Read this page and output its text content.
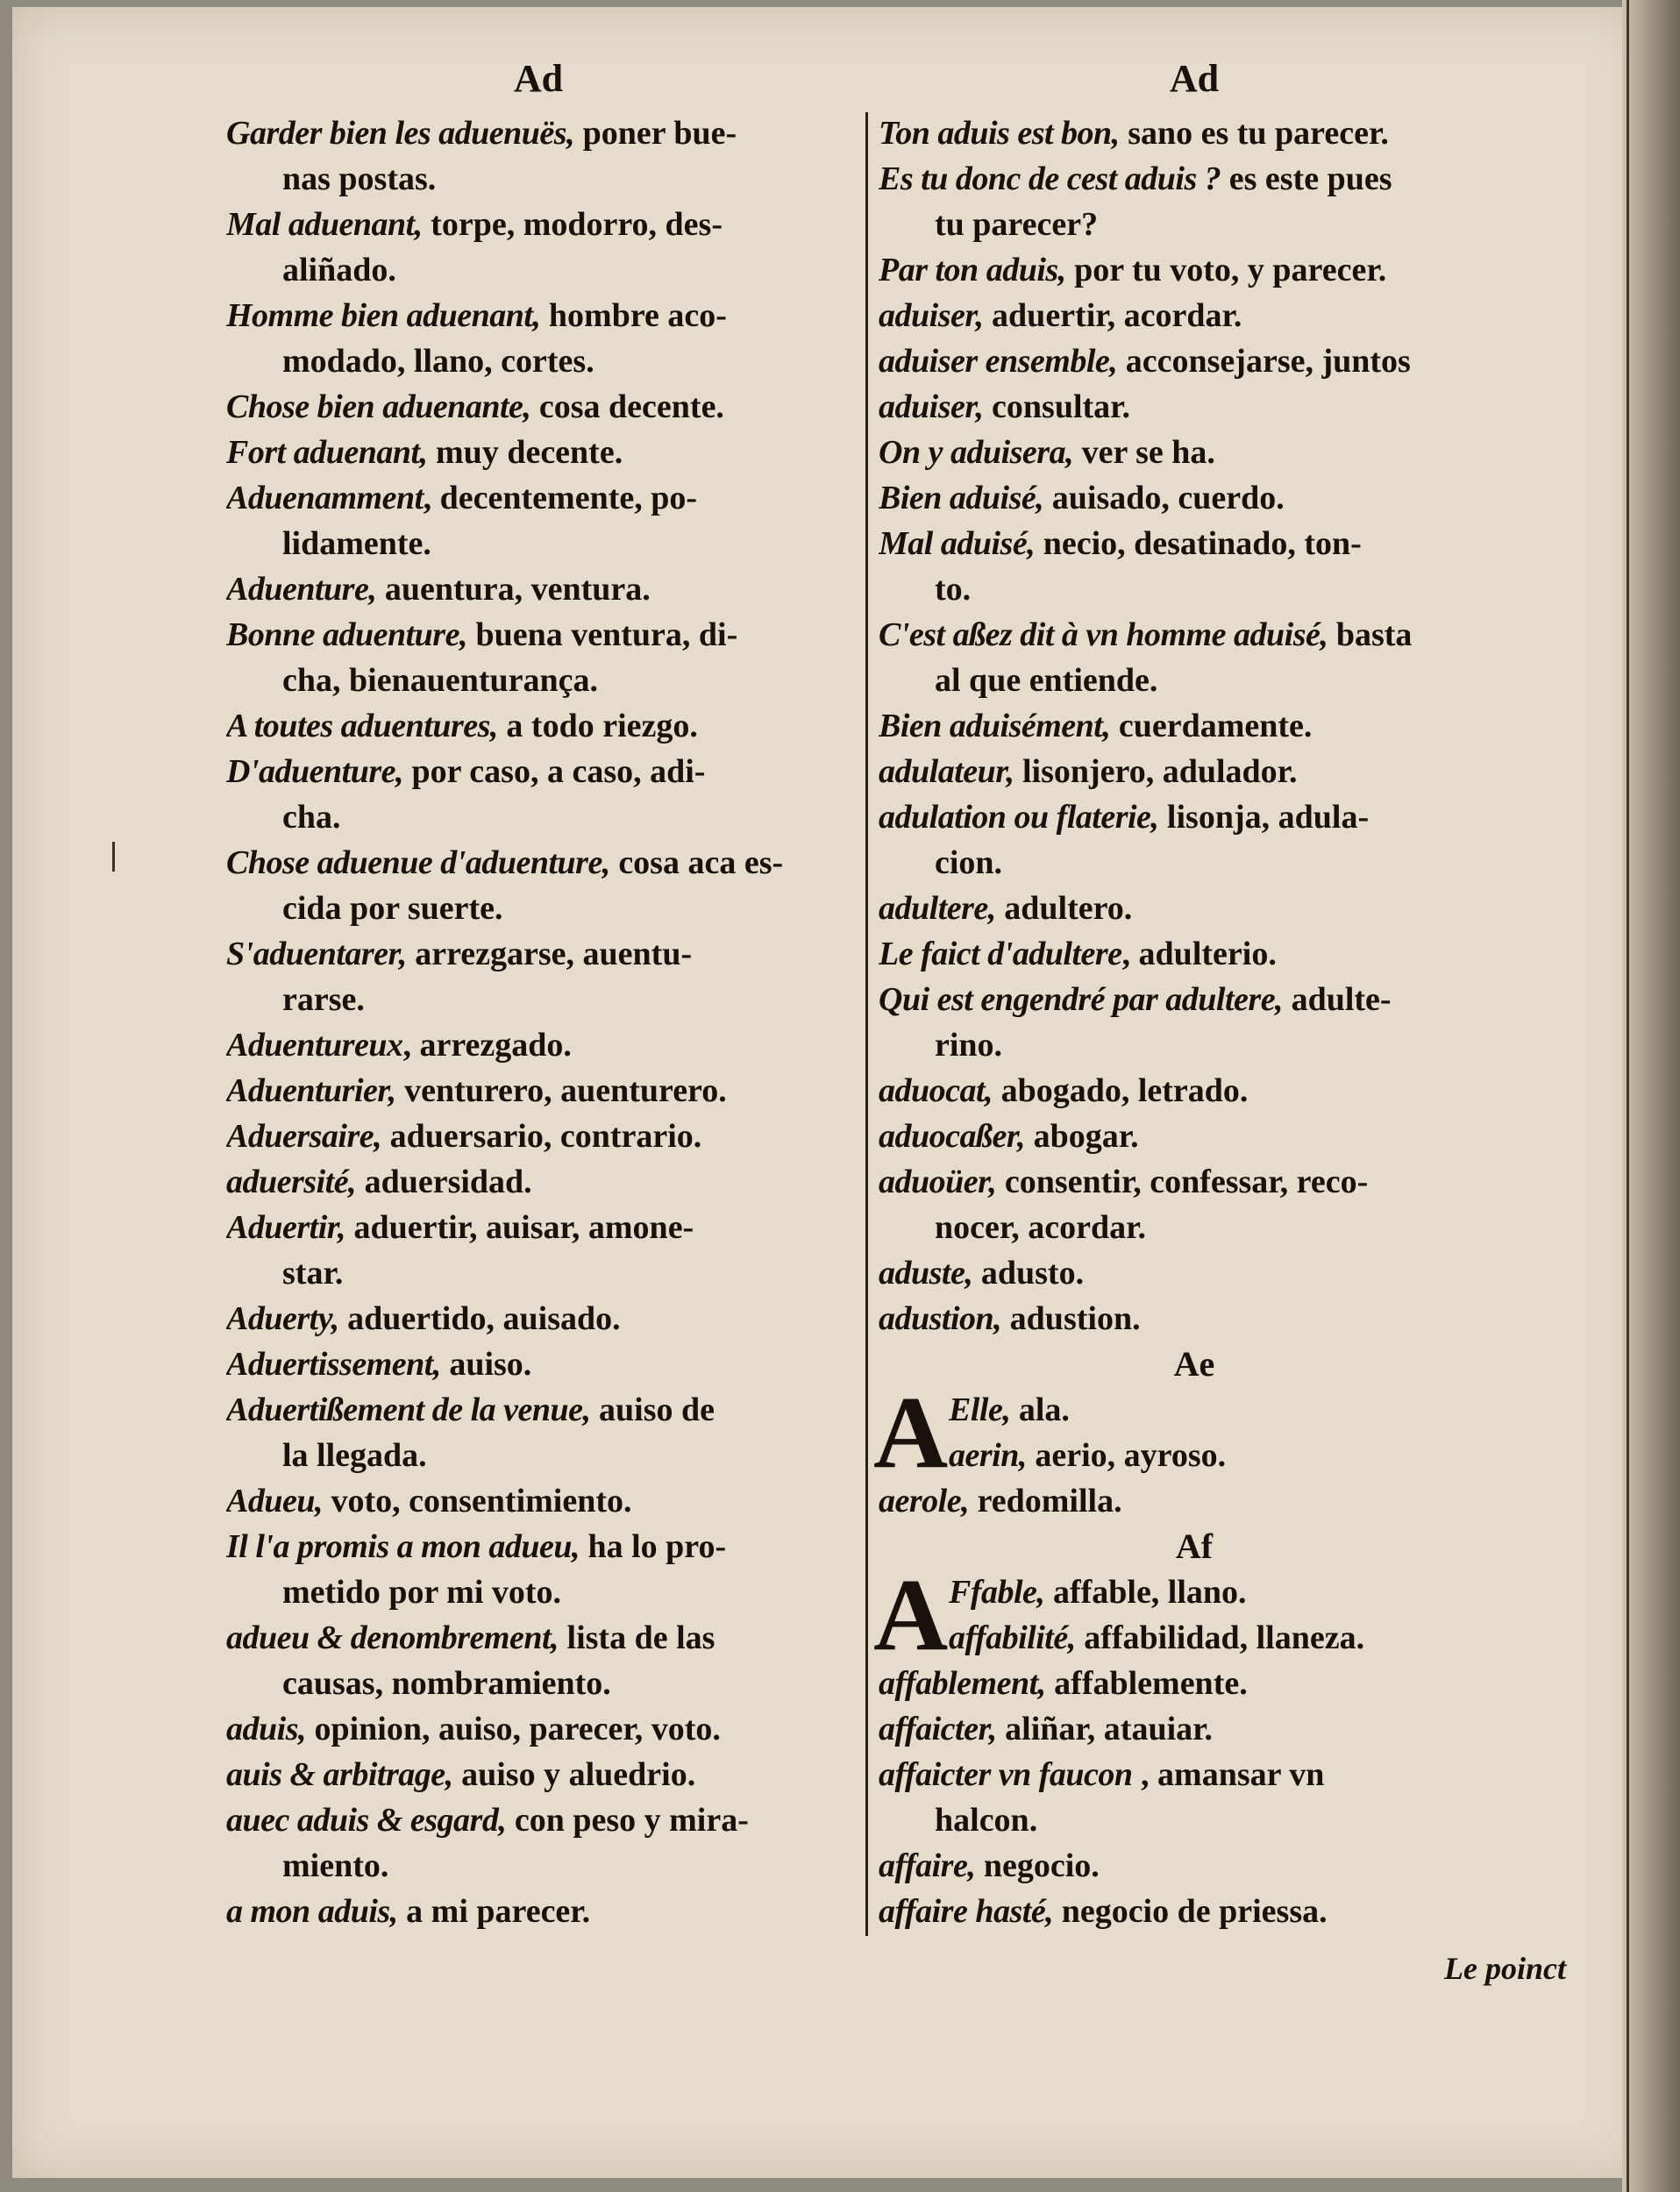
Ad
Garder bien les aduenuës, poner bue-
nas postas.
Mal aduenant, torpe, modorro, des-
aliñado.
Homme bien aduenant, hombre aco-
modado, llano, cortes.
Chose bien aduenante, cosa decente.
Fort aduenant, muy decente.
Aduenamment, decentemente, po-
lidamente.
Aduenture, auentura, ventura.
Bonne aduenture, buena ventura, di-
cha, bienauenturança.
A toutes aduentures, a todo riezgo.
D'aduenture, por caso, a caso, adi-
cha.
Chose aduenue d'aduenture, cosa aca es-
cida por suerte.
S'aduentarer, arrezgarse, auentu-
rarse.
Aduentureux, arrezgado.
Aduenturier, venturero, auenturero.
Aduersaire, aduersario, contrario.
aduersité, aduersidad.
Aduertir, aduertir, auisar, amone-
star.
Aduerty, aduertido, auisado.
Aduertissement, auiso.
Aduertißement de la venue, auiso de
la llegada.
Adueu, voto, consentimiento.
Il l'a promis a mon adueu, ha lo pro-
metido por mi voto.
adueu & denombrement, lista de las
causas, nombramiento.
aduis, opinion, auiso, parecer, voto.
auis & arbitrage, auiso y aluedrio.
auec aduis & esgard, con peso y mira-
miento.
a mon aduis, a mi parecer.
Ad
Ton aduis est bon, sano es tu parecer.
Es tu donc de cest aduis ? es este pues
tu parecer?
Par ton aduis, por tu voto, y parecer.
aduiser, aduertir, acordar.
aduiser ensemble, acconsejarse, juntos
aduiser, consultar.
On y aduisera, ver se ha.
Bien aduisé, auisado, cuerdo.
Mal aduisé, necio, desatinado, ton-
to.
C'est aßez dit à vn homme aduisé, basta
al que entiende.
Bien aduisément, cuerdamente.
adulateur, lisonjero, adulador.
adulation ou flaterie, lisonja, adula-
cion.
adultere, adultero.
Le faict d'adultere, adulterio.
Qui est engendré par adultere, adulte-
rino.
aduocat, abogado, letrado.
aduocaßer, abogar.
aduoüer, consentir, confessar, reco-
nocer, acordar.
aduste, adusto.
adustion, adustion.
Ae
A Elle, ala.
aerin, aerio, ayroso.
aerole, redomilla.
Af
A Ffable, affable, llano.
affabilité, affabilidad, llaneza.
affablement, affablemente.
affaicter, aliñar, atauiar.
affaicter vn faucon , amansar vn
halcon.
affaire, negocio.
affaire hasté, negocio de priessa.
Le poinct
